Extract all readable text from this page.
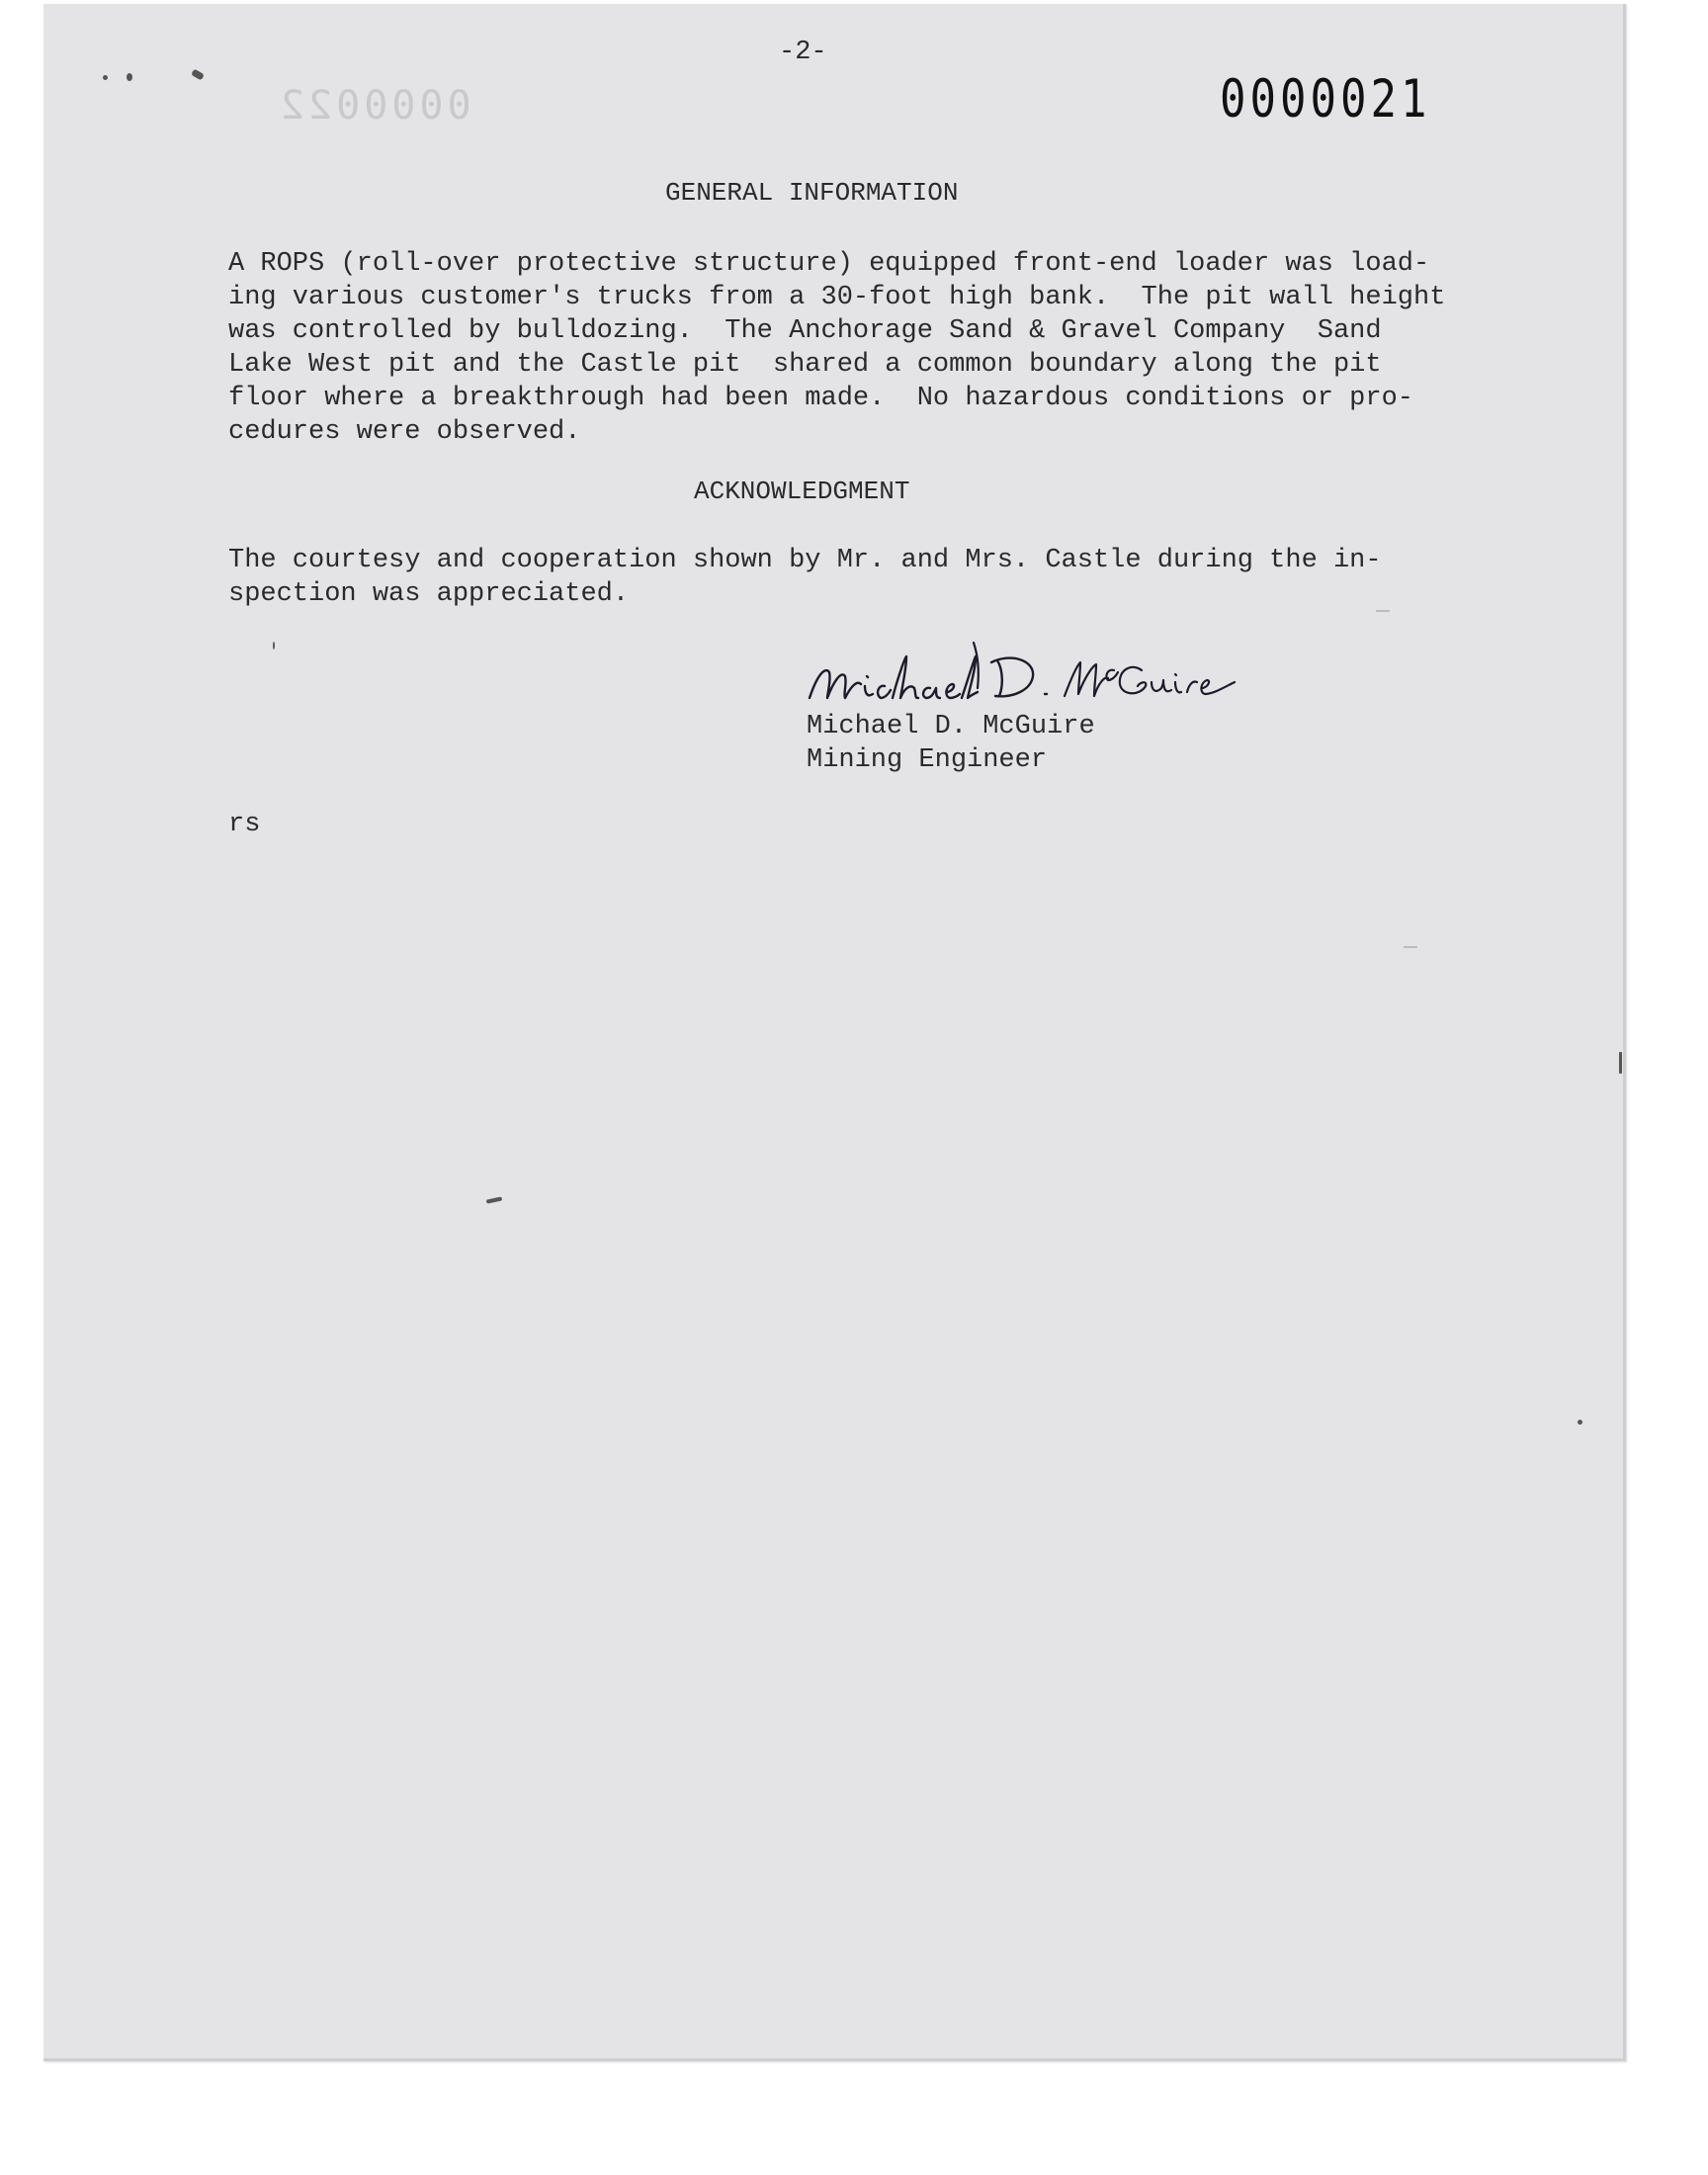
0000022
-2-
0000021
GENERAL INFORMATION
A ROPS (roll-over protective structure) equipped front-end loader was load-
ing various customer's trucks from a 30-foot high bank.  The pit wall height
was controlled by bulldozing.  The Anchorage Sand & Gravel Company  Sand
Lake West pit and the Castle pit  shared a common boundary along the pit
floor where a breakthrough had been made.  No hazardous conditions or pro-
cedures were observed.
ACKNOWLEDGMENT
The courtesy and cooperation shown by Mr. and Mrs. Castle during the in-
spection was appreciated.
Michael D. McGuire
Mining Engineer
rs
